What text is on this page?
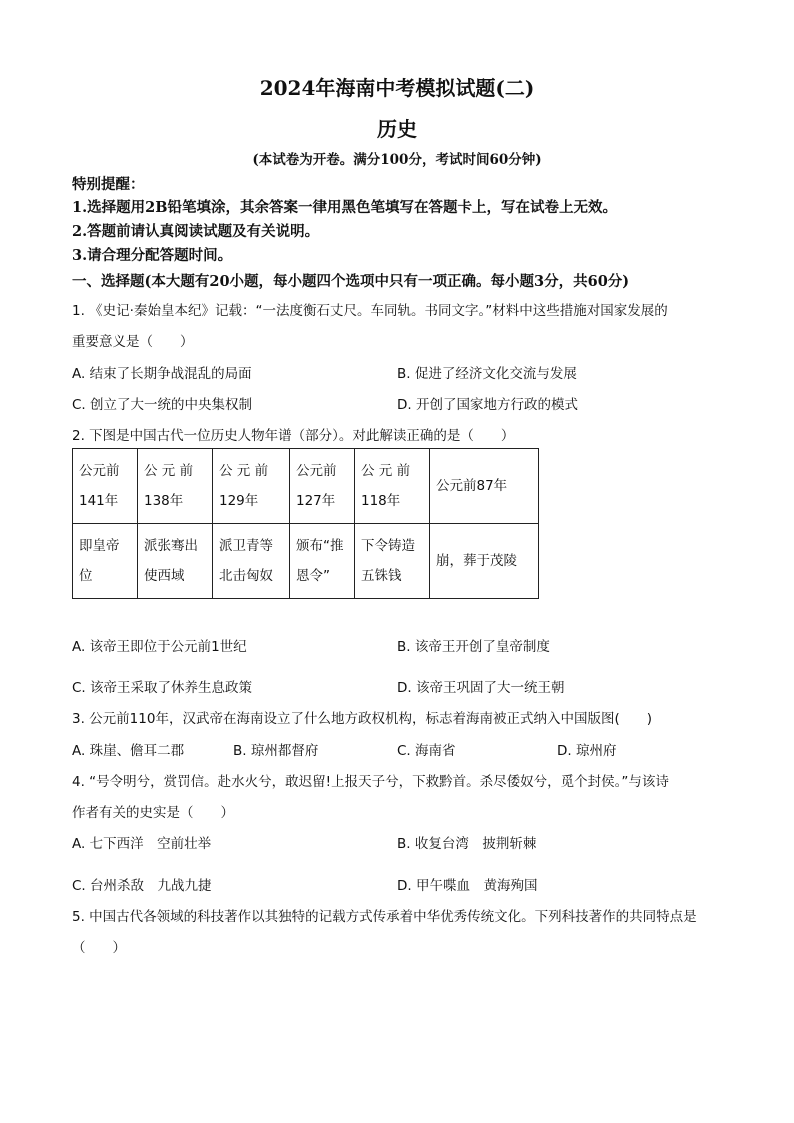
2024年海南中考模拟试题(二)
历史
(本试卷为开卷。满分100分，考试时间60分钟)
特别提醒：
1.选择题用2B铅笔填涂，其余答案一律用黑色笔填写在答题卡上，写在试卷上无效。
2.答题前请认真阅读试题及有关说明。
3.请合理分配答题时间。
一、选择题(本大题有20小题，每小题四个选项中只有一项正确。每小题3分，共60分)
1. 《史记·秦始皇本纪》记载：“一法度衡石丈尺。车同轨。书同文字。”材料中这些措施对国家发展的
重要意义是（　　）
A. 结束了长期争战混乱的局面	B. 促进了经济文化交流与发展
C. 创立了大一统的中央集权制	D. 开创了国家地方行政的模式
2. 下图是中国古代一位历史人物年谱（部分）。对此解读正确的是（　　）
公元前141年	公 元 前138年	公 元 前129年	公元前127年	公 元 前118年	公元前87年
即皇帝位	派张骞出使西域	派卫青等北击匈奴	颁布“推恩令”	下令铸造五铢钱	崩，葬于茂陵
A. 该帝王即位于公元前1世纪	B. 该帝王开创了皇帝制度
C. 该帝王采取了休养生息政策	D. 该帝王巩固了大一统王朝
3. 公元前110年，汉武帝在海南设立了什么地方政权机构，标志着海南被正式纳入中国版图(　　)
A. 珠崖、儋耳二郡	B. 琼州都督府	C. 海南省	D. 琼州府
4. “号令明兮，赏罚信。赴水火兮，敢迟留!上报天子兮，下救黔首。杀尽倭奴兮，觅个封侯。”与该诗
作者有关的史实是（　　）
A. 七下西洋　空前壮举	B. 收复台湾　披荆斩棘
C. 台州杀敌　九战九捷	D. 甲午喋血　黄海殉国
5. 中国古代各领域的科技著作以其独特的记载方式传承着中华优秀传统文化。下列科技著作的共同特点是
（　　）
